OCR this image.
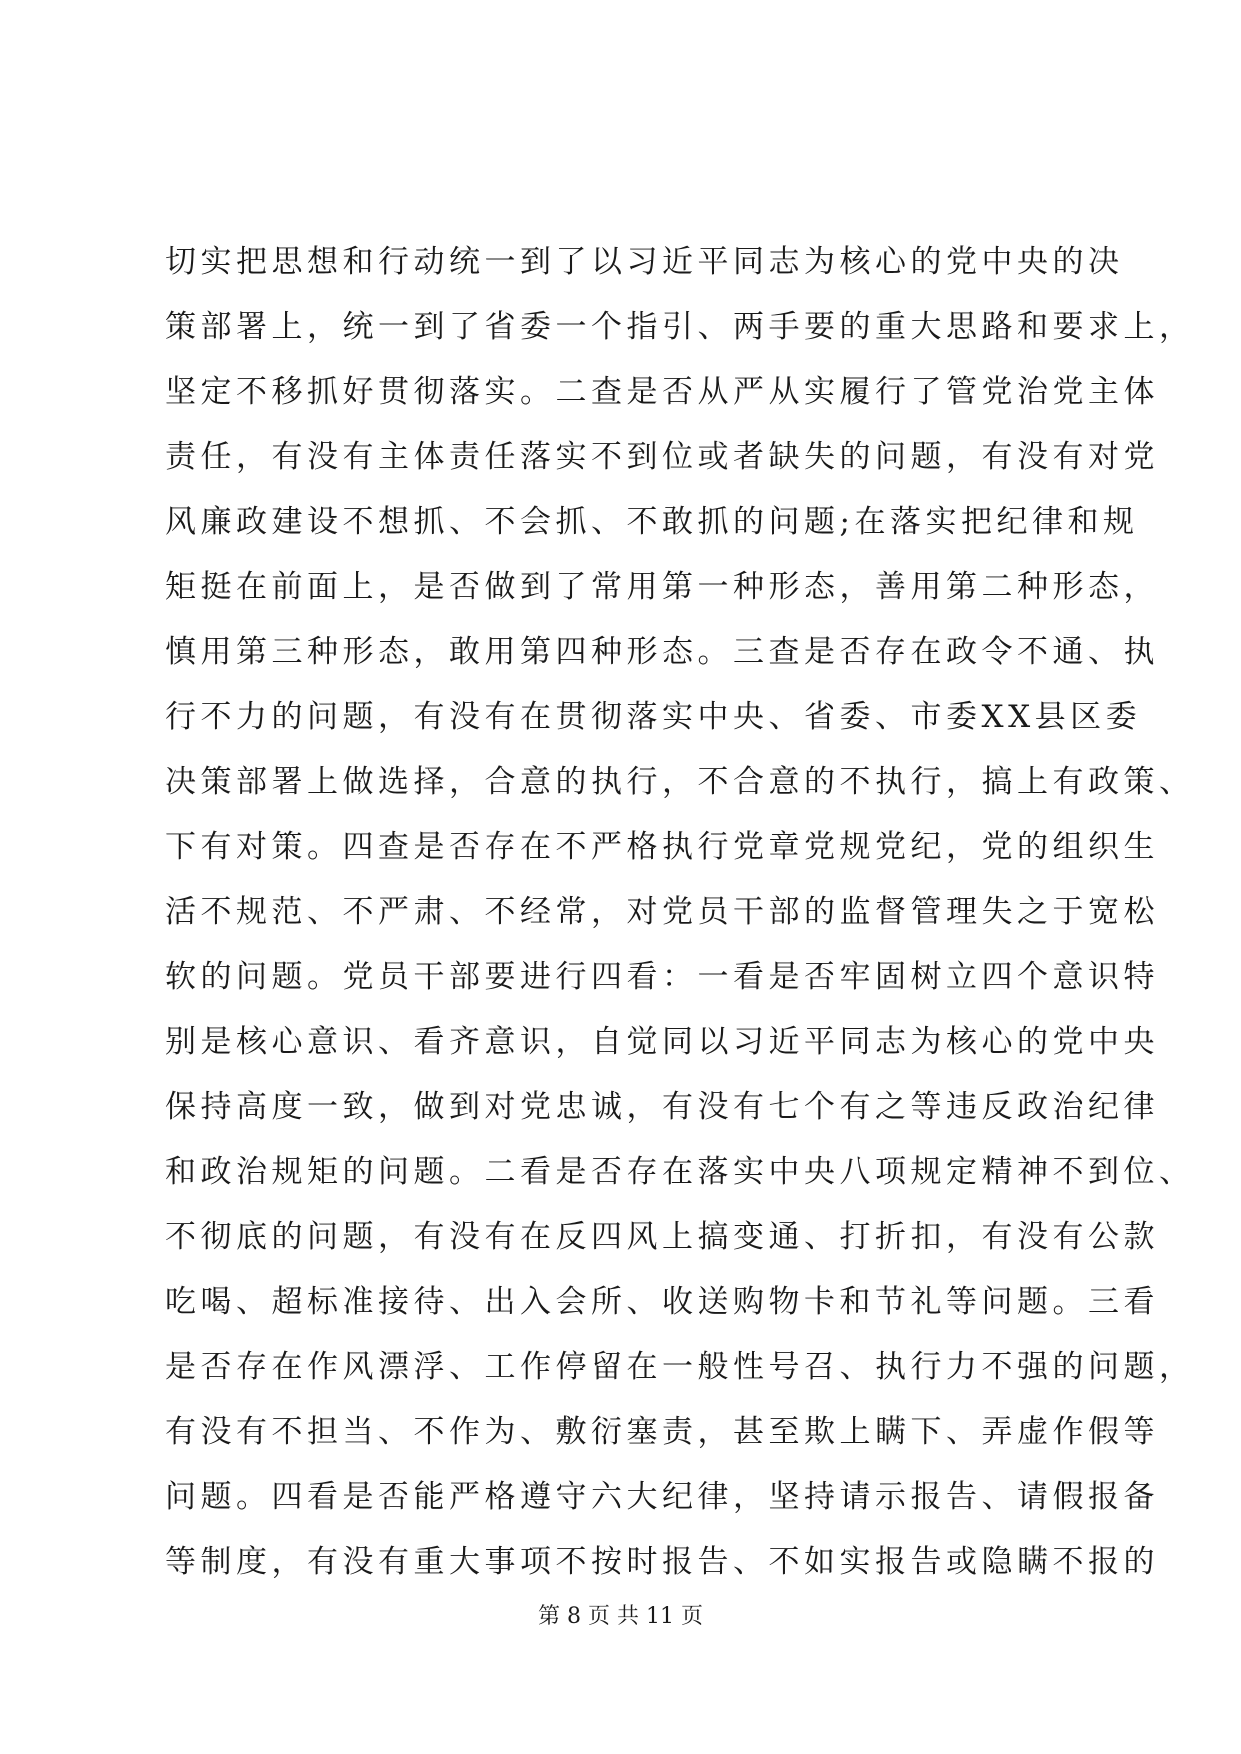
切实把思想和行动统一到了以习近平同志为核心的党中央的决
策部署上，统一到了省委一个指引、两手要的重大思路和要求上，
坚定不移抓好贯彻落实。二查是否从严从实履行了管党治党主体
责任，有没有主体责任落实不到位或者缺失的问题，有没有对党
风廉政建设不想抓、不会抓、不敢抓的问题;在落实把纪律和规
矩挺在前面上，是否做到了常用第一种形态，善用第二种形态，
慎用第三种形态，敢用第四种形态。三查是否存在政令不通、执
行不力的问题，有没有在贯彻落实中央、省委、市委XX县区委
决策部署上做选择，合意的执行，不合意的不执行，搞上有政策、
下有对策。四查是否存在不严格执行党章党规党纪，党的组织生
活不规范、不严肃、不经常，对党员干部的监督管理失之于宽松
软的问题。党员干部要进行四看：一看是否牢固树立四个意识特
别是核心意识、看齐意识，自觉同以习近平同志为核心的党中央
保持高度一致，做到对党忠诚，有没有七个有之等违反政治纪律
和政治规矩的问题。二看是否存在落实中央八项规定精神不到位、
不彻底的问题，有没有在反四风上搞变通、打折扣，有没有公款
吃喝、超标准接待、出入会所、收送购物卡和节礼等问题。三看
是否存在作风漂浮、工作停留在一般性号召、执行力不强的问题，
有没有不担当、不作为、敷衍塞责，甚至欺上瞒下、弄虚作假等
问题。四看是否能严格遵守六大纪律，坚持请示报告、请假报备
等制度，有没有重大事项不按时报告、不如实报告或隐瞒不报的
第 8 页 共 11 页
